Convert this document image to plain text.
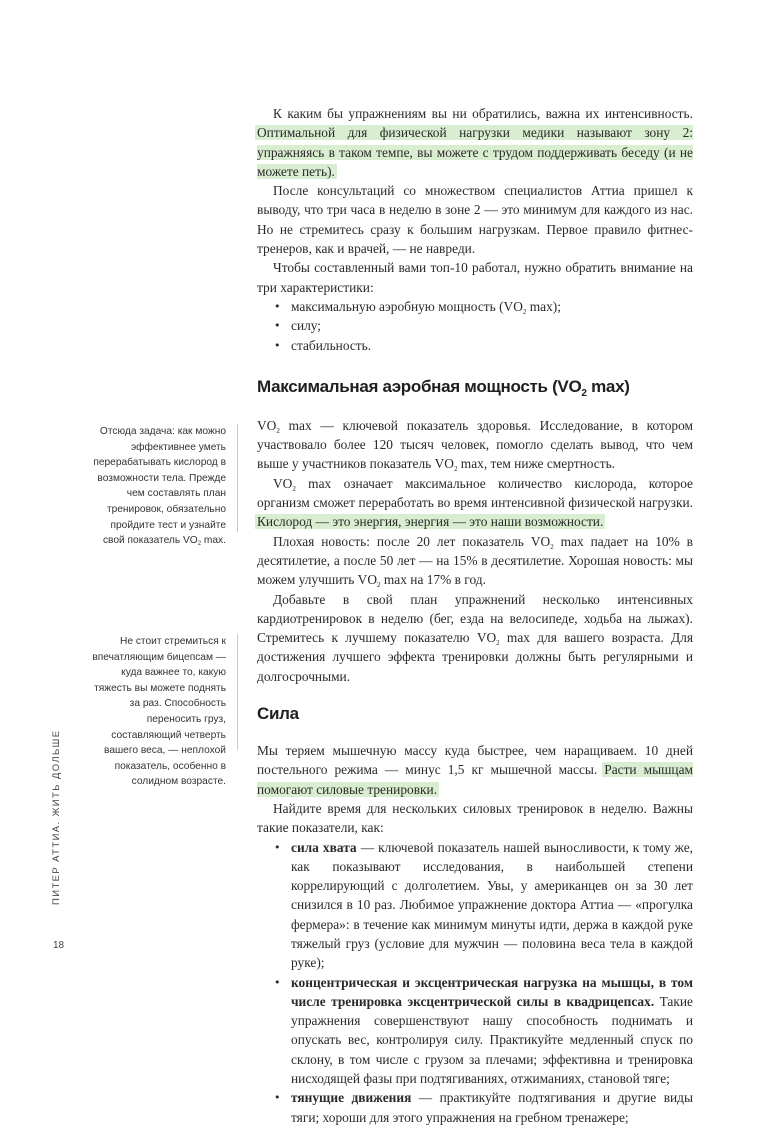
К каким бы упражнениям вы ни обратились, важна их интенсивность. Оптимальной для физической нагрузки медики называют зону 2: упражняясь в таком темпе, вы можете с трудом поддерживать беседу (и не можете петь).

После консультаций со множеством специалистов Аттиа пришел к выводу, что три часа в неделю в зоне 2 — это минимум для каждого из нас. Но не стремитесь сразу к большим нагрузкам. Первое правило фитнес-тренеров, как и врачей, — не навреди.

Чтобы составленный вами топ-10 работал, нужно обратить внимание на три характеристики:

• максимальную аэробную мощность ($VO_2$ max);
• силу;
• стабильность.
Максимальная аэробная мощность ($VO_2$ max)

$VO_2$ max — ключевой показатель здоровья. Исследование, в котором участвовало более 120 тысяч человек, помогло сделать вывод, что чем выше у участников показатель $VO_2$ max, тем ниже смертность.

$VO_2$ max означает максимальное количество кислорода, которое организм сможет переработать во время интенсивной физической нагрузки. Кислород — это энергия, энергия — это наши возможности.

Плохая новость: после 20 лет показатель $VO_2$ max падает на 10% в десятилетие, а после 50 лет — на 15% в десятилетие. Хорошая новость: мы можем улучшить $VO_2$ max на 17% в год.

Добавьте в свой план упражнений несколько интенсивных кардиотренировок в неделю (бег, езда на велосипеде, ходьба на лыжах). Стремитесь к лучшему показателю $VO_2$ max для вашего возраста. Для достижения лучшего эффекта тренировки должны быть регулярными и долгосрочными.

Сила

Мы теряем мышечную массу куда быстрее, чем наращиваем. 10 дней постельного режима — минус 1,5 кг мышечной массы. Расти мышцам помогают силовые тренировки.

Найдите время для нескольких силовых тренировок в неделю. Важны такие показатели, как:

• сила хвата — ключевой показатель нашей выносливости, к тому же, как показывают исследования, в наибольшей степени коррелирующий с долголетием. Увы, у американцев он за 30 лет снизился в 10 раз. Любимое упражнение доктора Аттиа — «прогулка фермера»: в течение как минимум минуты идти, держа в каждой руке тяжелый груз (условие для мужчин — половина веса тела в каждой руке);
• концентрическая и эксцентрическая нагрузка на мышцы, в том числе тренировка эксцентрической силы в квадрицепсах. Такие упражнения совершенствуют нашу способность поднимать и опускать вес, контролируя силу. Практикуйте медленный спуск по склону, в том числе с грузом за плечами; эффективна и тренировка нисходящей фазы при подтягиваниях, отжиманиях, становой тяге;
• тянущие движения — практикуйте подтягивания и другие виды тяги; хороши для этого упражнения на гребном тренажере;
Отсюда задача: как можно эффективнее уметь перерабатывать кислород в возможности тела. Прежде чем составлять план тренировок, обязательно пройдите тест и узнайте свой показатель $VO_2$ max.
Не стоит стремиться к впечатляющим бицепсам — куда важнее то, какую тяжесть вы можете поднять за раз. Способность переносить груз, составляющий четверть вашего веса, — неплохой показатель, особенно в солидном возрасте.
ПИТЕР АТТИА. ЖИТЬ ДОЛЬШЕ
18
